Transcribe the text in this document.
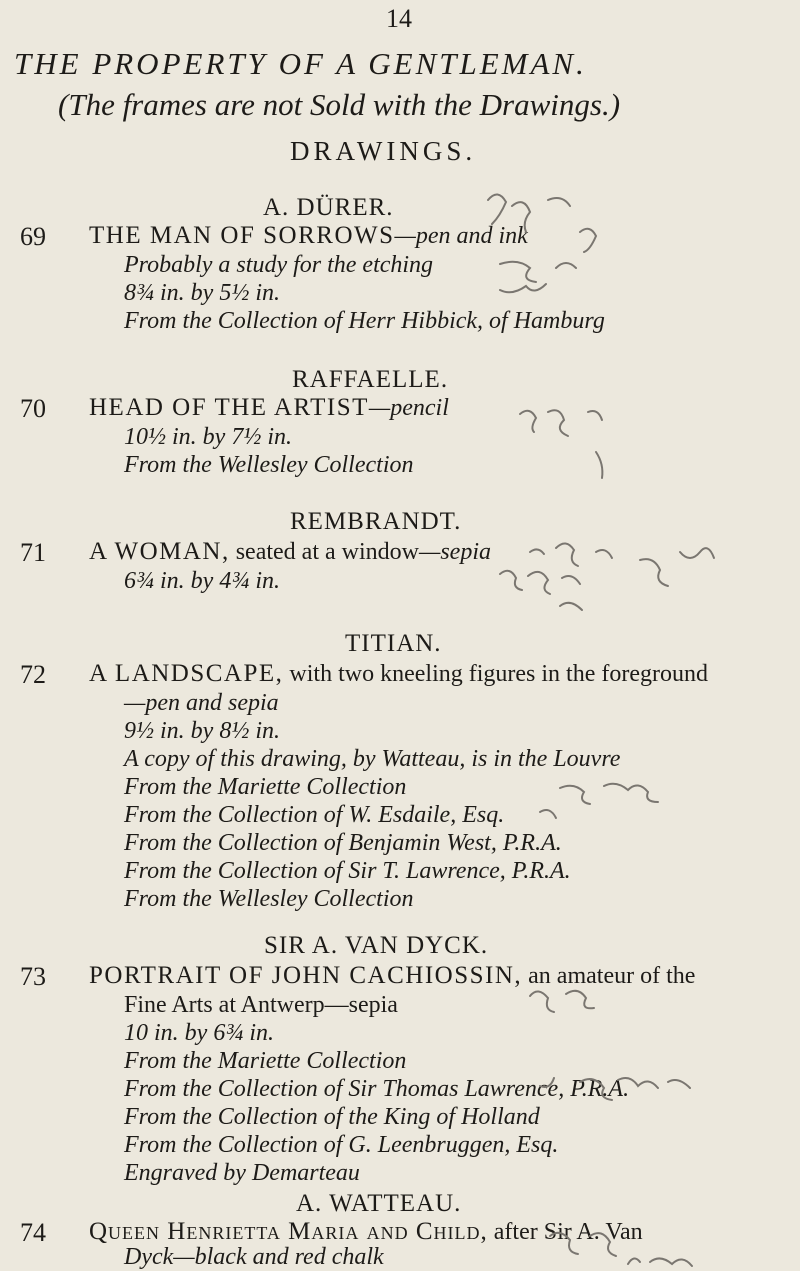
14
THE PROPERTY OF A GENTLEMAN.
(The frames are not Sold with the Drawings.)
DRAWINGS.
A. DÜRER.
69 THE MAN OF SORROWS—pen and ink
Probably a study for the etching
8¾ in. by 5½ in.
From the Collection of Herr Hibbick, of Hamburg
RAFFAELLE.
70 HEAD OF THE ARTIST—pencil
10½ in. by 7½ in.
From the Wellesley Collection
REMBRANDT.
71 A WOMAN, seated at a window—sepia
6¾ in. by 4¾ in.
TITIAN.
72 A LANDSCAPE, with two kneeling figures in the foreground
—pen and sepia
9½ in. by 8½ in.
A copy of this drawing, by Watteau, is in the Louvre
From the Mariette Collection
From the Collection of W. Esdaile, Esq.
From the Collection of Benjamin West, P.R.A.
From the Collection of Sir T. Lawrence, P.R.A.
From the Wellesley Collection
SIR A. VAN DYCK.
73 PORTRAIT OF JOHN CACHIOSSIN, an amateur of the
Fine Arts at Antwerp—sepia
10 in. by 6¾ in.
From the Mariette Collection
From the Collection of Sir Thomas Lawrence, P.R.A.
From the Collection of the King of Holland
From the Collection of G. Leenbruggen, Esq.
Engraved by Demarteau
A. WATTEAU.
74 Queen Henrietta Maria and Child, after Sir A. Van
Dyck—black and red chalk
